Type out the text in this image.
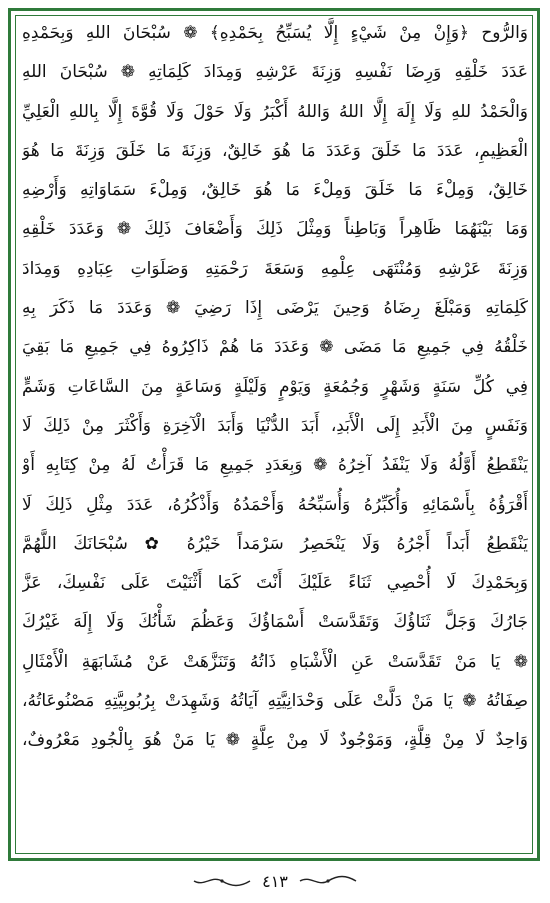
وَالرُّوح ﴿وَإِنْ مِنْ شَيْءٍ إِلَّا يُسَبِّحُ بِحَمْدِهِ﴾ ❁ سُبْحَانَ اللهِ وَبِحَمْدِهِ
عَدَدَ خَلْقِهِ وَرِضَا نَفْسِهِ وَزِنَةَ عَرْشِهِ وَمِدَادَ كَلِمَاتِهِ ❁ سُبْحَانَ اللهِ
وَالْحَمْدُ للهِ وَلَا إِلَهَ إِلَّا اللهُ وَاللهُ أَكْبَرُ وَلَا حَوْلَ وَلَا قُوَّةَ إِلَّا بِاللهِ الْعَلِيِّ
الْعَظِيمِ، عَدَدَ مَا خَلَقَ وَعَدَدَ مَا هُوَ خَالِقٌ، وَزِنَةَ مَا خَلَقَ وَزِنَةَ مَا هُوَ
خَالِقٌ، وَمِلْءَ مَا خَلَقَ وَمِلْءَ مَا هُوَ خَالِقٌ، وَمِلْءَ سَمَاوَاتِهِ وَأَرْضِهِ
وَمَا بَيْنَهُمَا ظَاهِراً وَبَاطِناً وَمِثْلَ ذَلِكَ وَأَضْعَافَ ذَلِكَ ❁ وَعَدَدَ خَلْقِهِ
وَزِنَةَ عَرْشِهِ وَمُنْتَهَى عِلْمِهِ وَسَعَةَ رَحْمَتِهِ وَصَلَوَاتِ عِبَادِهِ وَمِدَادَ
كَلِمَاتِهِ وَمَبْلَغَ رِضَاهُ وَحِينَ يَرْضَى إِذَا رَضِيَ ❁ وَعَدَدَ مَا ذَكَرَ بِهِ
خَلْقُهُ فِي جَمِيعِ مَا مَضَى ❁ وَعَدَدَ مَا هُمْ ذَاكِرُوهُ فِي جَمِيعِ مَا بَقِيَ
فِي كُلِّ سَنَةٍ وَشَهْرٍ وَجُمُعَةٍ وَيَوْمٍ وَلَيْلَةٍ وَسَاعَةٍ مِنَ السَّاعَاتِ وَشَمٍّ
وَنَفَسٍ مِنَ الْأَبَدِ إِلَى الْأَبَدِ، أَبَدَ الدُّنْيَا وَأَبَدَ الْآخِرَةِ وَأَكْثَرَ مِنْ ذَلِكَ لَا
يَنْقَطِعُ أَوَّلُهُ وَلَا يَنْفَدُ آخِرُهُ ❁ وَبِعَدَدِ جَمِيعِ مَا قَرَأْتُ لَهُ مِنْ كِتَابِهِ أَوْ
أَقْرَؤُهُ بِأَسْمَائِهِ وَأُكَبِّرُهُ وَأُسَبِّحُهُ وَأَحْمَدُهُ وَأَذْكُرُهُ، عَدَدَ مِثْلِ ذَلِكَ لَا
يَنْقَطِعُ أَبَداً أَجْرُهُ وَلَا يَنْحَصِرُ سَرْمَداً خَيْرُهُ ✿ سُبْحَانَكَ اللَّهُمَّ
وَبِحَمْدِكَ لَا أُحْصِي ثَنَاءً عَلَيْكَ أَنْتَ كَمَا أَثْنَيْتَ عَلَى نَفْسِكَ، عَزَّ
جَارُكَ وَجَلَّ ثَنَاؤُكَ وَتَقَدَّسَتْ أَسْمَاؤُكَ وَعَظُمَ شَأْنُكَ وَلَا إِلَهَ غَيْرُكَ
❁ يَا مَنْ تَقَدَّسَتْ عَنِ الْأَشْبَاهِ ذَاتُهُ وَتَنَزَّهَتْ عَنْ مُشَابَهَةِ الْأَمْثَالِ
صِفَاتُهُ ❁ يَا مَنْ دَلَّتْ عَلَى وَحْدَانِيَّتِهِ آيَاتُهُ وَشَهِدَتْ بِرُبُوبِيَّتِهِ مَصْنُوعَاتُهُ،
وَاحِدٌ لَا مِنْ قِلَّةٍ، وَمَوْجُودٌ لَا مِنْ عِلَّةٍ ❁ يَا مَنْ هُوَ بِالْجُودِ مَعْرُوفٌ،
٤١٣
